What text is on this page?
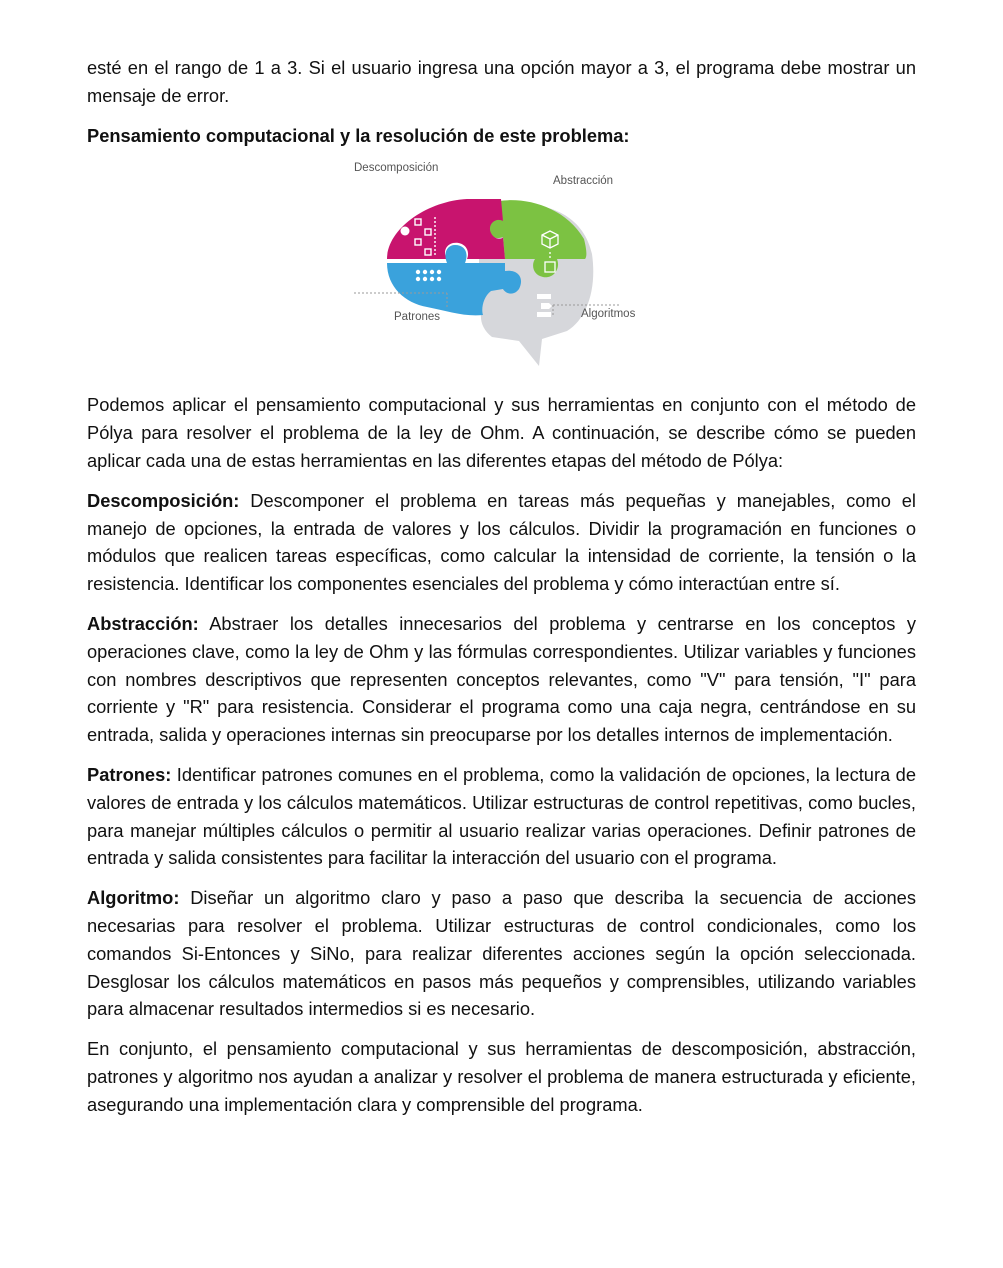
esté en el rango de 1 a 3. Si el usuario ingresa una opción mayor a 3, el programa debe mostrar un mensaje de error.

Pensamiento computacional y la resolución de este problema:

Descomposición
Abstracción
Patrones	Algoritmos

Podemos aplicar el pensamiento computacional y sus herramientas en conjunto con el método de Pólya para resolver el problema de la ley de Ohm. A continuación, se describe cómo se pueden aplicar cada una de estas herramientas en las diferentes etapas del método de Pólya:

Descomposición: Descomponer el problema en tareas más pequeñas y manejables, como el manejo de opciones, la entrada de valores y los cálculos. Dividir la programación en funciones o módulos que realicen tareas específicas, como calcular la intensidad de corriente, la tensión o la resistencia. Identificar los componentes esenciales del problema y cómo interactúan entre sí.

Abstracción: Abstraer los detalles innecesarios del problema y centrarse en los conceptos y operaciones clave, como la ley de Ohm y las fórmulas correspondientes. Utilizar variables y funciones con nombres descriptivos que representen conceptos relevantes, como "V" para tensión, "I" para corriente y "R" para resistencia. Considerar el programa como una caja negra, centrándose en su entrada, salida y operaciones internas sin preocuparse por los detalles internos de implementación.

Patrones: Identificar patrones comunes en el problema, como la validación de opciones, la lectura de valores de entrada y los cálculos matemáticos. Utilizar estructuras de control repetitivas, como bucles, para manejar múltiples cálculos o permitir al usuario realizar varias operaciones. Definir patrones de entrada y salida consistentes para facilitar la interacción del usuario con el programa.

Algoritmo: Diseñar un algoritmo claro y paso a paso que describa la secuencia de acciones necesarias para resolver el problema. Utilizar estructuras de control condicionales, como los comandos Si-Entonces y SiNo, para realizar diferentes acciones según la opción seleccionada. Desglosar los cálculos matemáticos en pasos más pequeños y comprensibles, utilizando variables para almacenar resultados intermedios si es necesario.

En conjunto, el pensamiento computacional y sus herramientas de descomposición, abstracción, patrones y algoritmo nos ayudan a analizar y resolver el problema de manera estructurada y eficiente, asegurando una implementación clara y comprensible del programa.
